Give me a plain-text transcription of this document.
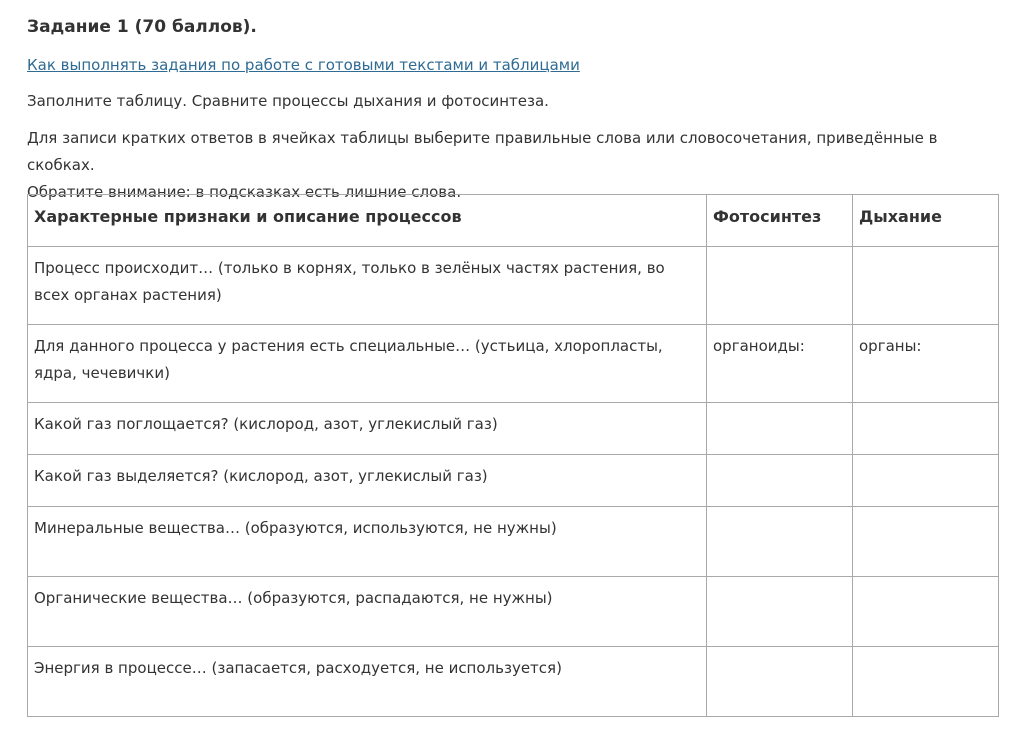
Задание 1 (70 баллов).
Как выполнять задания по работе с готовыми текстами и таблицами

Заполните таблицу. Сравните процессы дыхания и фотосинтеза.

Для записи кратких ответов в ячейках таблицы выберите правильные слова или словосочетания, приведённые в скобках.
Обратите внимание: в подсказках есть лишние слова.

Характерные признаки и описание процессов	Фотосинтез	Дыхание
Процесс происходит… (только в корнях, только в зелёных частях растения, во всех органах растения)		
Для данного процесса у растения есть специальные… (устьица, хлоропласты, ядра, чечевички)	органоиды:	органы:
Какой газ поглощается? (кислород, азот, углекислый газ)		
Какой газ выделяется? (кислород, азот, углекислый газ)		
Минеральные вещества… (образуются, используются, не нужны)		
Органические вещества… (образуются, распадаются, не нужны)		
Энергия в процессе… (запасается, расходуется, не используется)		
